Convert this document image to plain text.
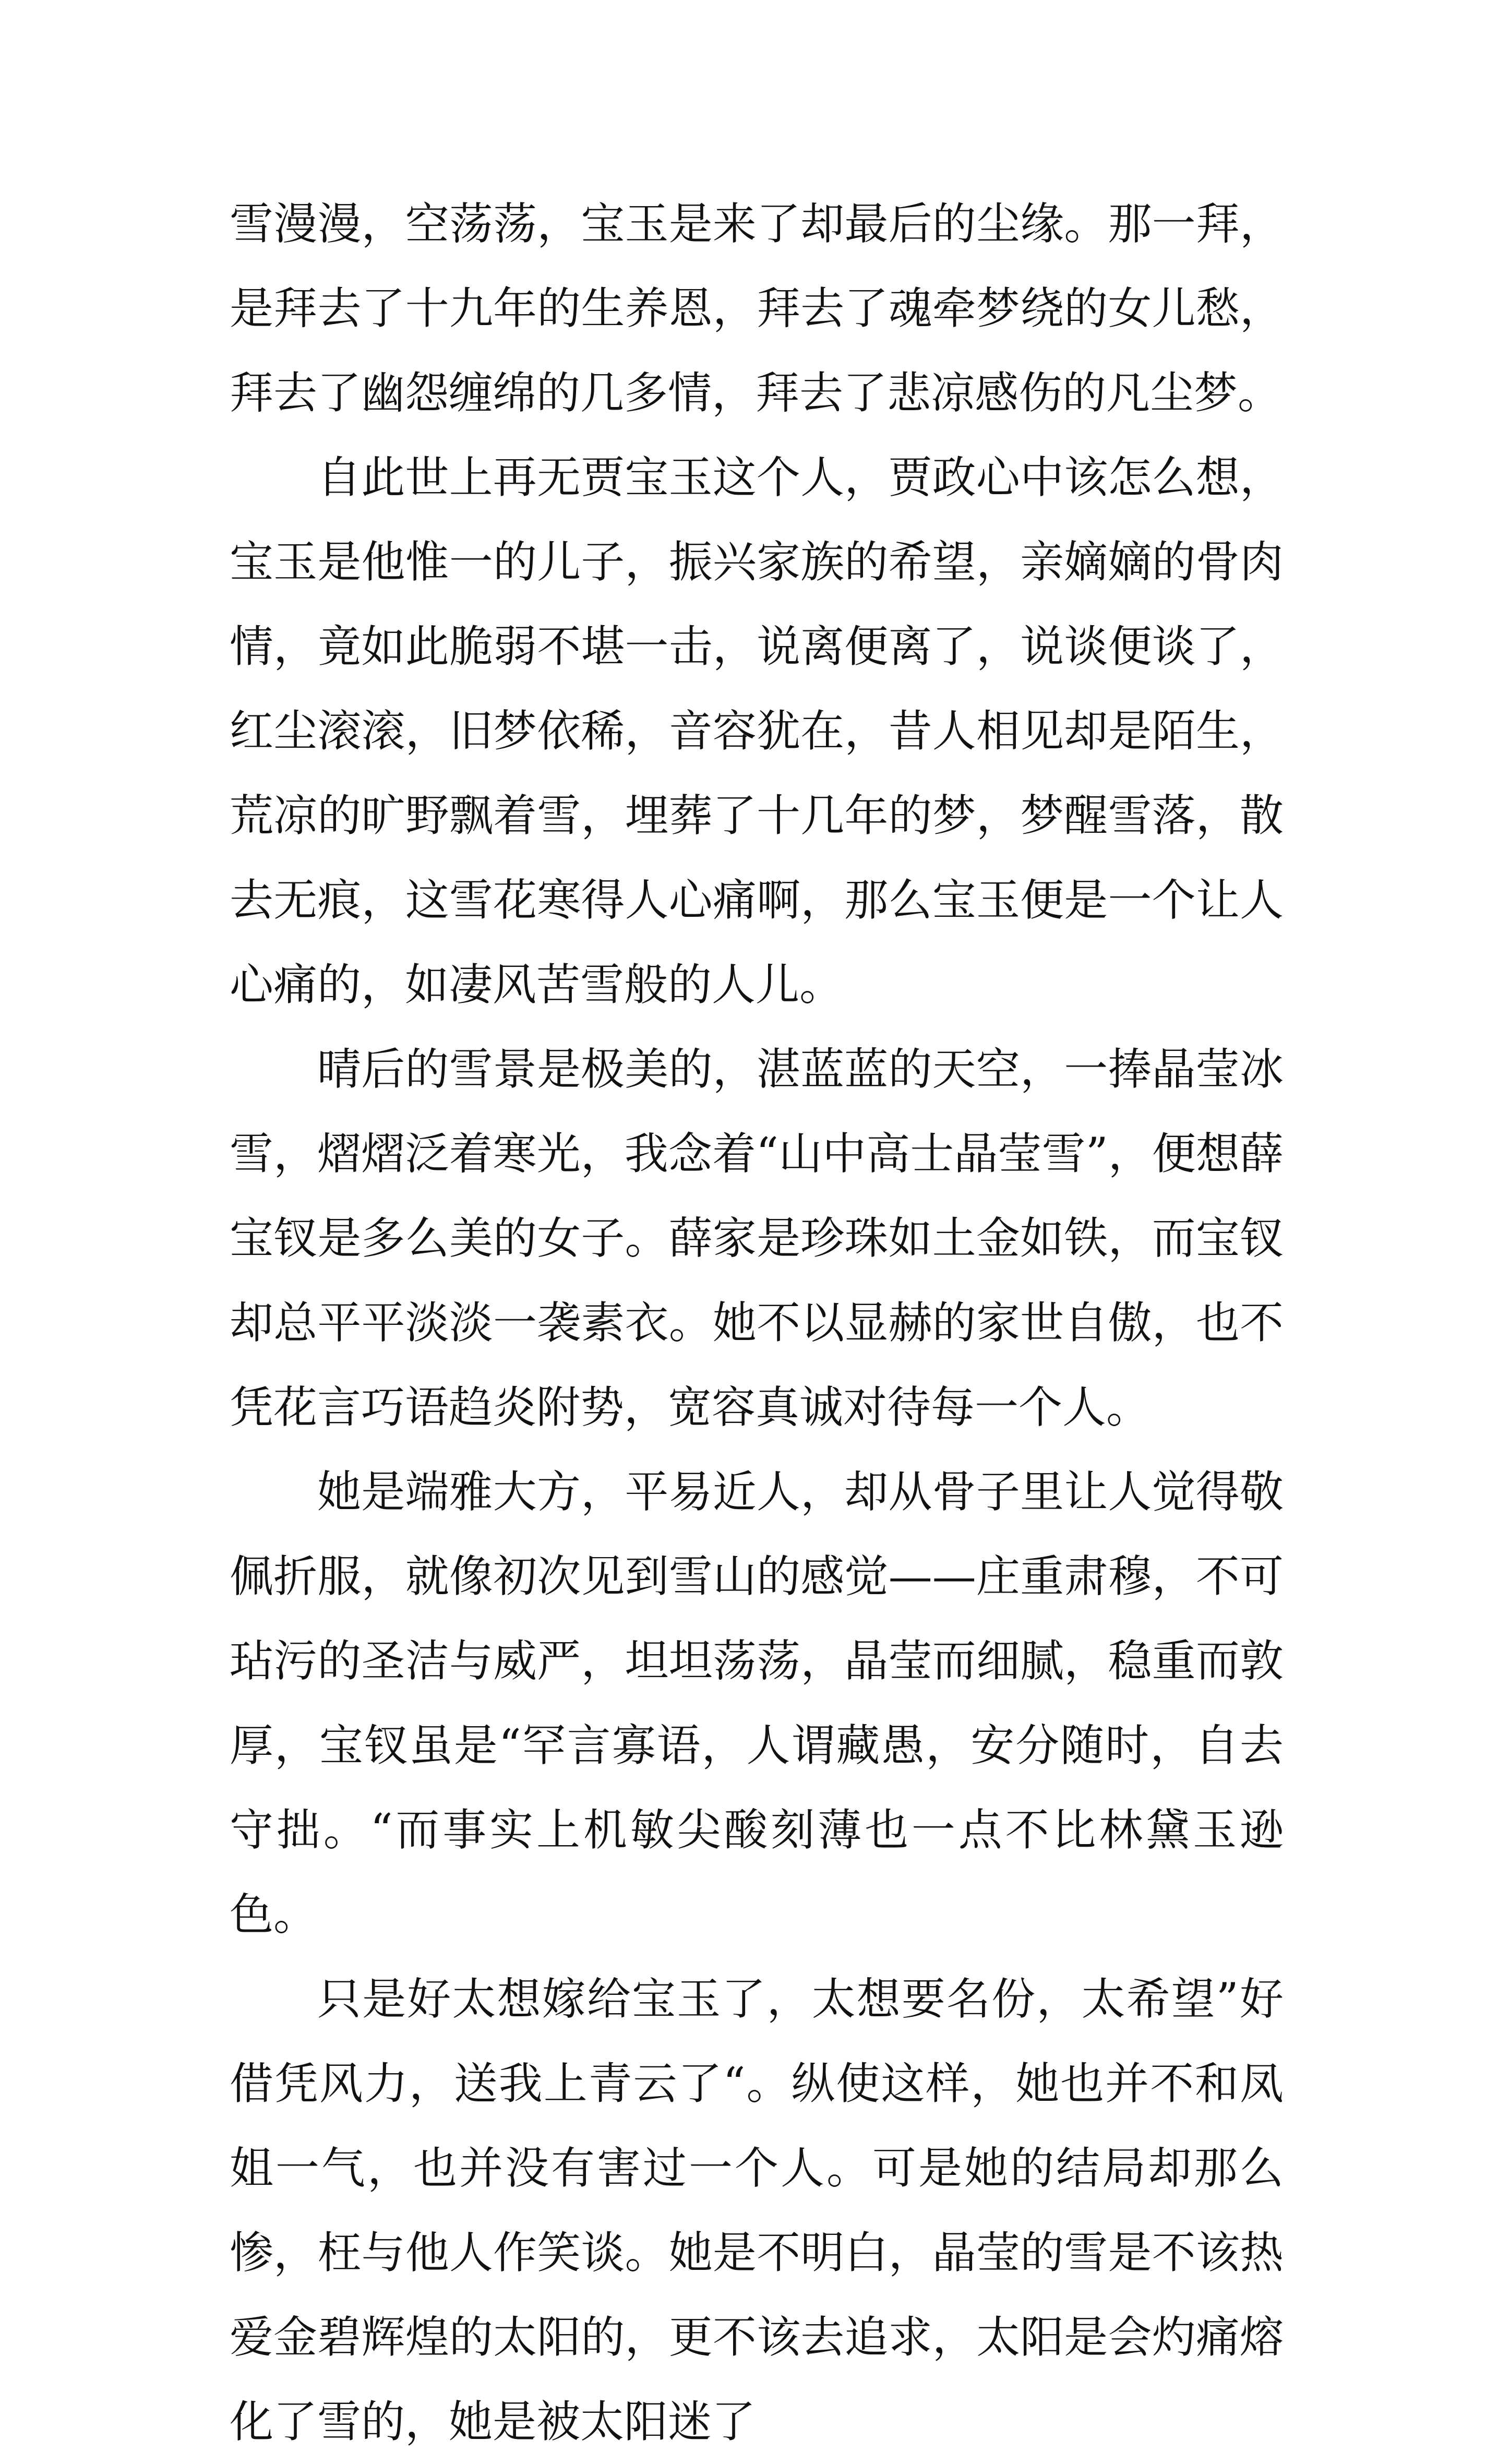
雪漫漫，空荡荡，宝玉是来了却最后的尘缘。那一拜，是拜去了十九年的生养恩，拜去了魂牵梦绕的女儿愁，拜去了幽怨缠绵的几多情，拜去了悲凉感伤的凡尘梦。

自此世上再无贾宝玉这个人，贾政心中该怎么想，宝玉是他惟一的儿子，振兴家族的希望，亲嫡嫡的骨肉情，竟如此脆弱不堪一击，说离便离了，说谈便谈了，红尘滚滚，旧梦依稀，音容犹在，昔人相见却是陌生，荒凉的旷野飘着雪，埋葬了十几年的梦，梦醒雪落，散去无痕，这雪花寒得人心痛啊，那么宝玉便是一个让人心痛的，如凄风苦雪般的人儿。

晴后的雪景是极美的，湛蓝蓝的天空，一捧晶莹冰雪，熠熠泛着寒光，我念着“山中高士晶莹雪”，便想薛宝钗是多么美的女子。薛家是珍珠如土金如铁，而宝钗却总平平淡淡一袭素衣。她不以显赫的家世自傲，也不凭花言巧语趋炎附势，宽容真诚对待每一个人。

她是端雅大方，平易近人，却从骨子里让人觉得敬佩折服，就像初次见到雪山的感觉——庄重肃穆，不可玷污的圣洁与威严，坦坦荡荡，晶莹而细腻，稳重而敦厚，宝钗虽是“罕言寡语，人谓藏愚，安分随时，自去守拙。“而事实上机敏尖酸刻薄也一点不比林黛玉逊色。

只是好太想嫁给宝玉了，太想要名份，太希望”好借凭风力，送我上青云了“。纵使这样，她也并不和凤姐一气，也并没有害过一个人。可是她的结局却那么惨，枉与他人作笑谈。她是不明白，晶莹的雪是不该热爱金碧辉煌的太阳的，更不该去追求，太阳是会灼痛熔化了雪的，她是被太阳迷了
